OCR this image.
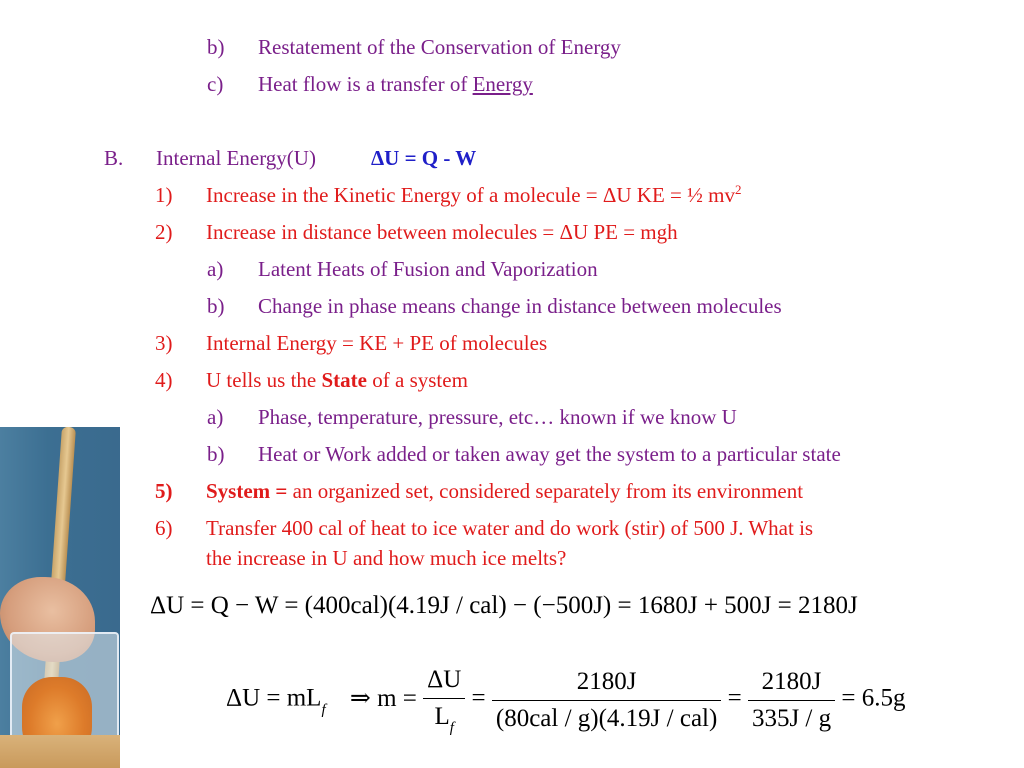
b) Restatement of the Conservation of Energy
c) Heat flow is a transfer of Energy
B. Internal Energy(U)	ΔU = Q - W
1) Increase in the Kinetic Energy of a molecule = ΔU KE = ½ $mv^2$
2) Increase in distance between molecules = ΔU PE = mgh
a) Latent Heats of Fusion and Vaporization
b) Change in phase means change in distance between molecules
3) Internal Energy = KE + PE of molecules
4) U tells us the State of a system
a) Phase, temperature, pressure, etc… known if we know U
b) Heat or Work added or taken away get the system to a particular state
5) System = an organized set, considered separately from its environment
6) Transfer 400 cal of heat to ice water and do work (stir) of 500 J. What is
the increase in U and how much ice melts?
ΔU = Q − W = (400cal)(4.19J / cal) − (−500J) = 1680J + 500J = 2180J
$\Delta U = mL_f$ ⇒ $m = \frac{\Delta U}{L_f} = \frac{2180J}{\text{(80cal / g)(4.19J / cal)}} = \frac{2180J}{335J / g} = 6.5g$
